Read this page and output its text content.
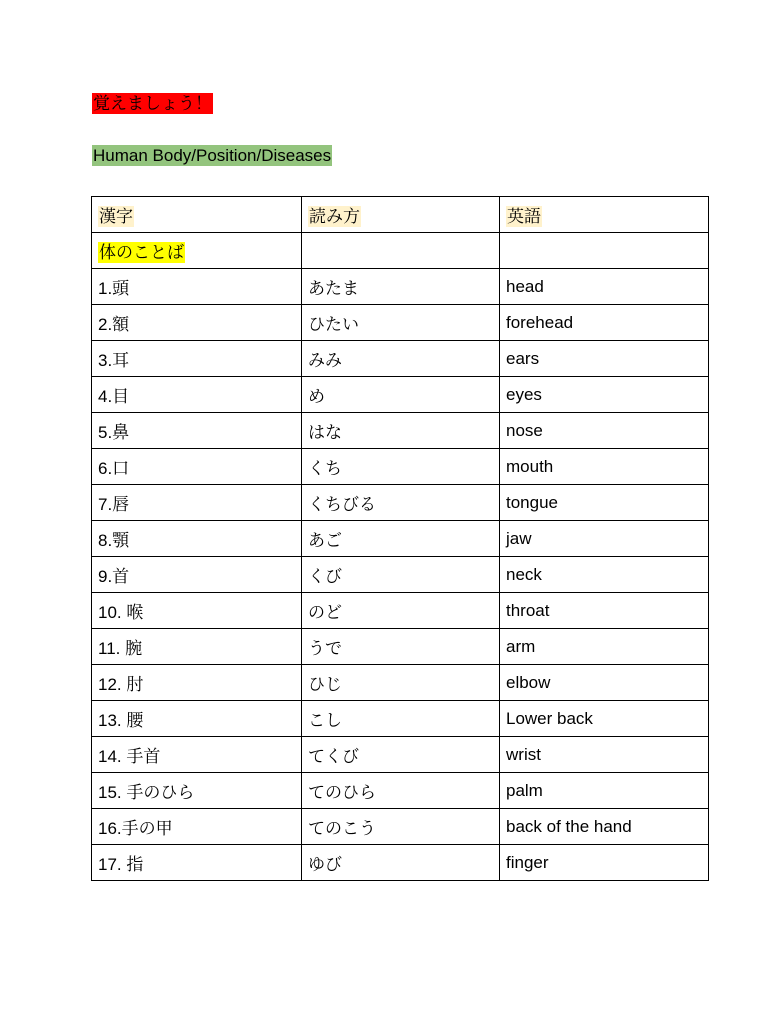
覚えましょう！
Human Body/Position/Diseases
漢字	読み方	英語
体のことば		
1.頭	あたま	head
2.額	ひたい	forehead
3.耳	みみ	ears
4.目	め	eyes
5.鼻	はな	nose
6.口	くち	mouth
7.唇	くちびる	tongue
8.顎	あご	jaw
9.首	くび	neck
10. 喉	のど	throat
11. 腕	うで	arm
12. 肘	ひじ	elbow
13. 腰	こし	Lower back
14. 手首	てくび	wrist
15. 手のひら	てのひら	palm
16.手の甲	てのこう	back of the hand
17. 指	ゆび	finger
